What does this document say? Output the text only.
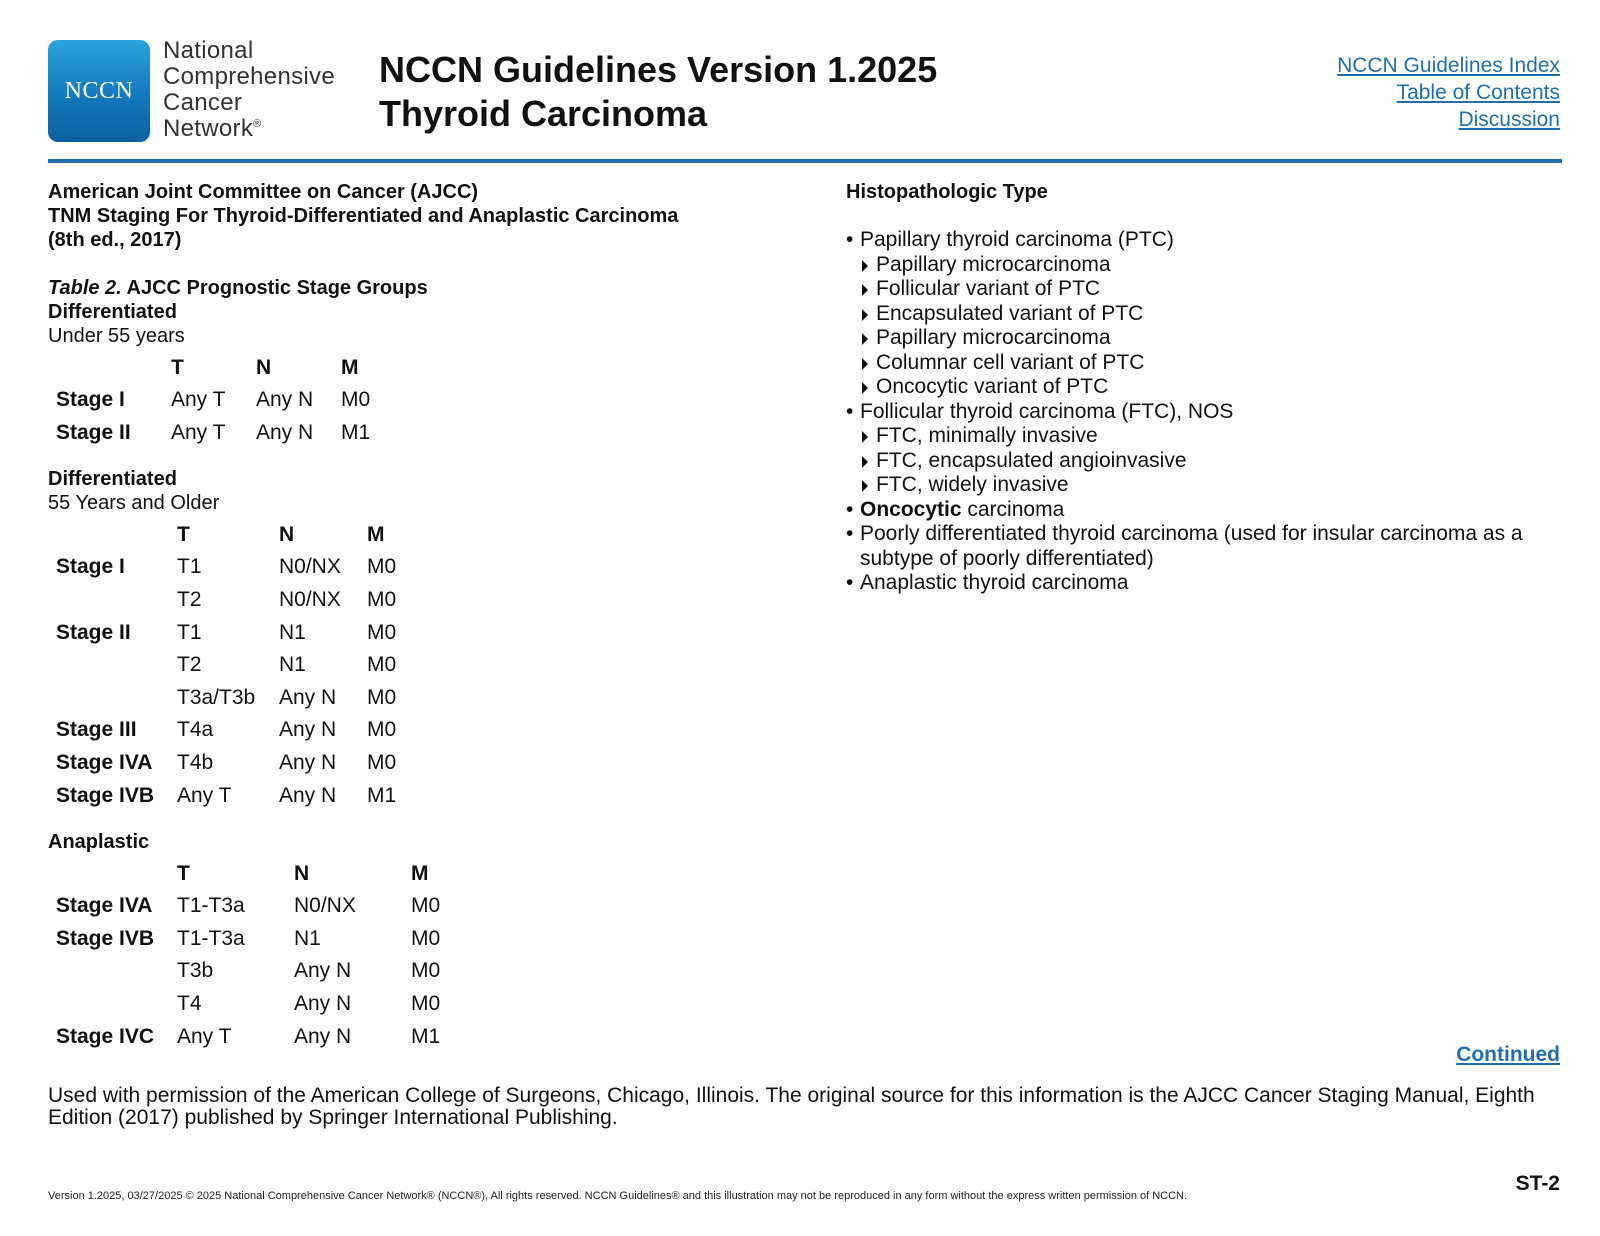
NCCN
National
Comprehensive
Cancer
Network®
NCCN Guidelines Version 1.2025
Thyroid Carcinoma
NCCN Guidelines Index
Table of Contents
Discussion
American Joint Committee on Cancer (AJCC)
TNM Staging For Thyroid-Differentiated and Anaplastic Carcinoma
(8th ed., 2017)
Table 2. AJCC Prognostic Stage Groups
Differentiated
Under 55 years
	T	N	M
Stage I	Any T	Any N	M0
Stage II	Any T	Any N	M1
Differentiated
55 Years and Older
	T	N	M
Stage I	T1	N0/NX	M0
	T2	N0/NX	M0
Stage II	T1	N1	M0
	T2	N1	M0
	T3a/T3b	Any N	M0
Stage III	T4a	Any N	M0
Stage IVA	T4b	Any N	M0
Stage IVB	Any T	Any N	M1
Anaplastic
	T	N	M
Stage IVA	T1-T3a	N0/NX	M0
Stage IVB	T1-T3a	N1	M0
	T3b	Any N	M0
	T4	Any N	M0
Stage IVC	Any T	Any N	M1
Histopathologic Type
• Papillary thyroid carcinoma (PTC)
Papillary microcarcinoma
Follicular variant of PTC
Encapsulated variant of PTC
Papillary microcarcinoma
Columnar cell variant of PTC
Oncocytic variant of PTC
• Follicular thyroid carcinoma (FTC), NOS
FTC, minimally invasive
FTC, encapsulated angioinvasive
FTC, widely invasive
• Oncocytic carcinoma
• Poorly differentiated thyroid carcinoma (used for insular carcinoma as a subtype of poorly differentiated)
• Anaplastic thyroid carcinoma
Continued
Used with permission of the American College of Surgeons, Chicago, Illinois. The original source for this information is the AJCC Cancer Staging Manual, Eighth Edition (2017) published by Springer International Publishing.
Version 1.2025, 03/27/2025 © 2025 National Comprehensive Cancer Network® (NCCN®), All rights reserved. NCCN Guidelines® and this illustration may not be reproduced in any form without the express written permission of NCCN.
ST-2
